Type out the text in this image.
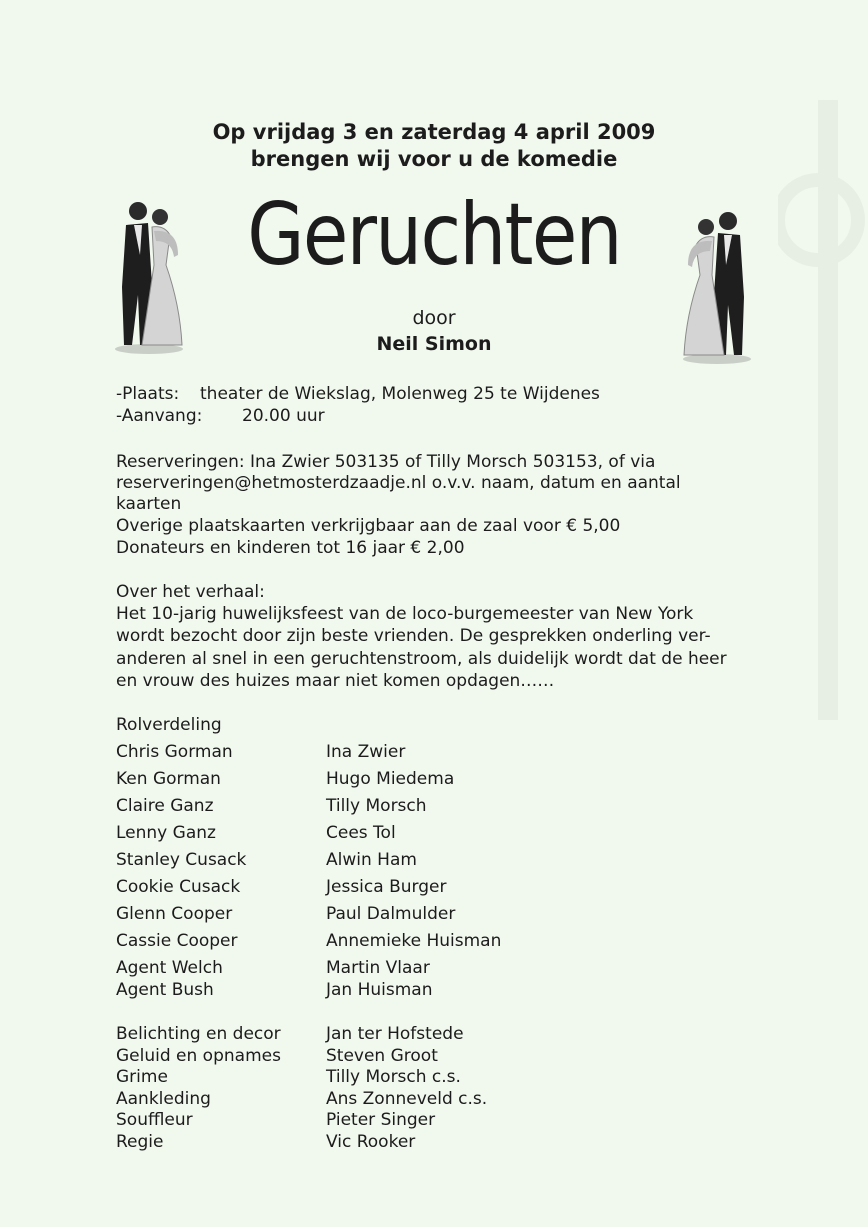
Op vrijdag 3 en zaterdag 4 april 2009
brengen wij voor u de komedie
Geruchten
door
Neil Simon
-Plaats: theater de Wiekslag, Molenweg 25 te Wijdenes
-Aanvang: 20.00 uur
Reserveringen: Ina Zwier 503135 of Tilly Morsch 503153, of via
reserveringen@hetmosterdzaadje.nl o.v.v. naam, datum en aantal
kaarten
Overige plaatskaarten verkrijgbaar aan de zaal voor € 5,00
Donateurs en kinderen tot 16 jaar € 2,00
Over het verhaal:
Het 10-jarig huwelijksfeest van de loco-burgemeester van New York
wordt bezocht door zijn beste vrienden. De gesprekken onderling ver-
anderen al snel in een geruchtenstroom, als duidelijk wordt dat de heer
en vrouw des huizes maar niet komen opdagen……
Rolverdeling
Chris Gorman	Ina Zwier
Ken Gorman	Hugo Miedema
Claire Ganz	Tilly Morsch
Lenny Ganz	Cees Tol
Stanley Cusack	Alwin Ham
Cookie Cusack	Jessica Burger
Glenn Cooper	Paul Dalmulder
Cassie Cooper	Annemieke Huisman
Agent Welch	Martin Vlaar
Agent Bush	Jan Huisman
Belichting en decor	Jan ter Hofstede
Geluid en opnames	Steven Groot
Grime	Tilly Morsch c.s.
Aankleding	Ans Zonneveld c.s.
Souffleur	Pieter Singer
Regie	Vic Rooker
